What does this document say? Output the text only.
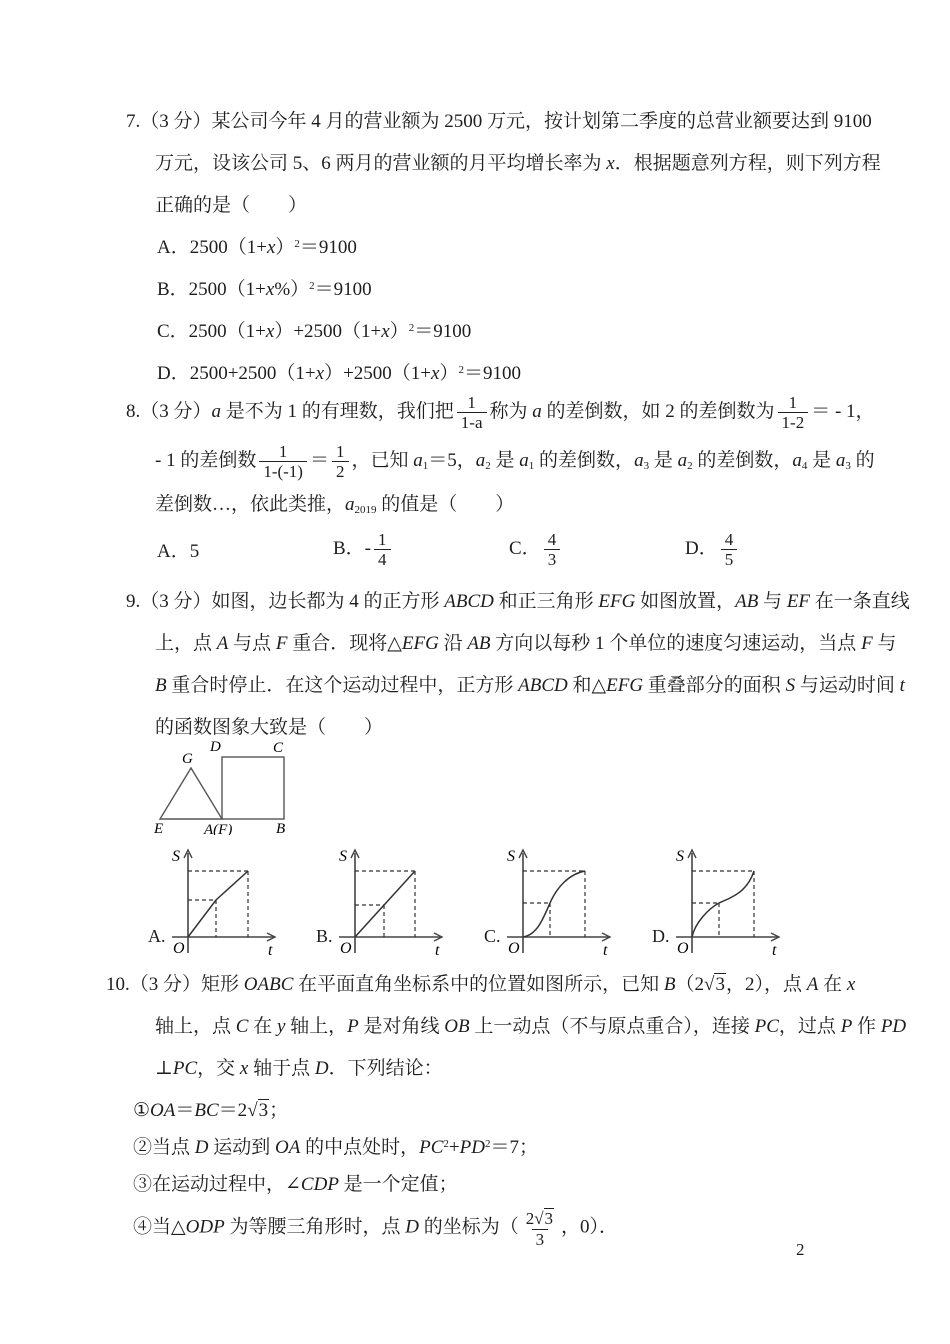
7.（3 分）某公司今年 4 月的营业额为 2500 万元，按计划第二季度的总营业额要达到 9100
万元，设该公司 5、6 两月的营业额的月平均增长率为 x．根据题意列方程，则下列方程
正确的是（　　）
A．$2500(1+x)^2=9100$
B．$2500(1+x\%)^2=9100$
C．$2500(1+x)+2500(1+x)^2=9100$
D．$2500+2500(1+x)+2500(1+x)^2=9100$
8.（3 分）a 是不为 1 的有理数，我们把 $\frac{1}{1-a}$ 称为 a 的差倒数，如 2 的差倒数为 $\frac{1}{1-2}$ ＝ - 1，
- 1 的差倒数 $\frac{1}{1-(-1)} = \frac{1}{2}$ ，已知 a1＝5，a2 是 a1 的差倒数，a3 是 a2 的差倒数，a4 是 a3 的
差倒数…，依此类推，a2019 的值是（　　）
A．5	B．- $\frac{1}{4}$	C． $\frac{4}{3}$	D． $\frac{4}{5}$
9.（3 分）如图，边长都为 4 的正方形 ABCD 和正三角形 EFG 如图放置，AB 与 EF 在一条直线
上，点 A 与点 F 重合．现将△EFG 沿 AB 方向以每秒 1 个单位的速度匀速运动，当点 F 与
B 重合时停止．在这个运动过程中，正方形 ABCD 和△EFG 重叠部分的面积 S 与运动时间 t
的函数图象大致是（　　）
G
D	C
E	A(F)	B
A.
S
t
O
B.
S
t
O
C.
S
t
O
D.
S
t
O
10.（3 分）矩形 OABC 在平面直角坐标系中的位置如图所示，已知 B（2 √ 3 ，2），点 A 在 x
轴上，点 C 在 y 轴上，P 是对角线 OB 上一动点（不与原点重合），连接 PC，过点 P 作 PD
⊥PC，交 x 轴于点 D．下列结论：
①OA＝BC＝2 √ 3 ；
②当点 D 运动到 OA 的中点处时，$PC^2+PD^2=7$；
③在运动过程中，∠CDP 是一个定值；
④当△ODP 为等腰三角形时，点 D 的坐标为（ $\frac{2 √ 3}{3}$ ，0）．
2
